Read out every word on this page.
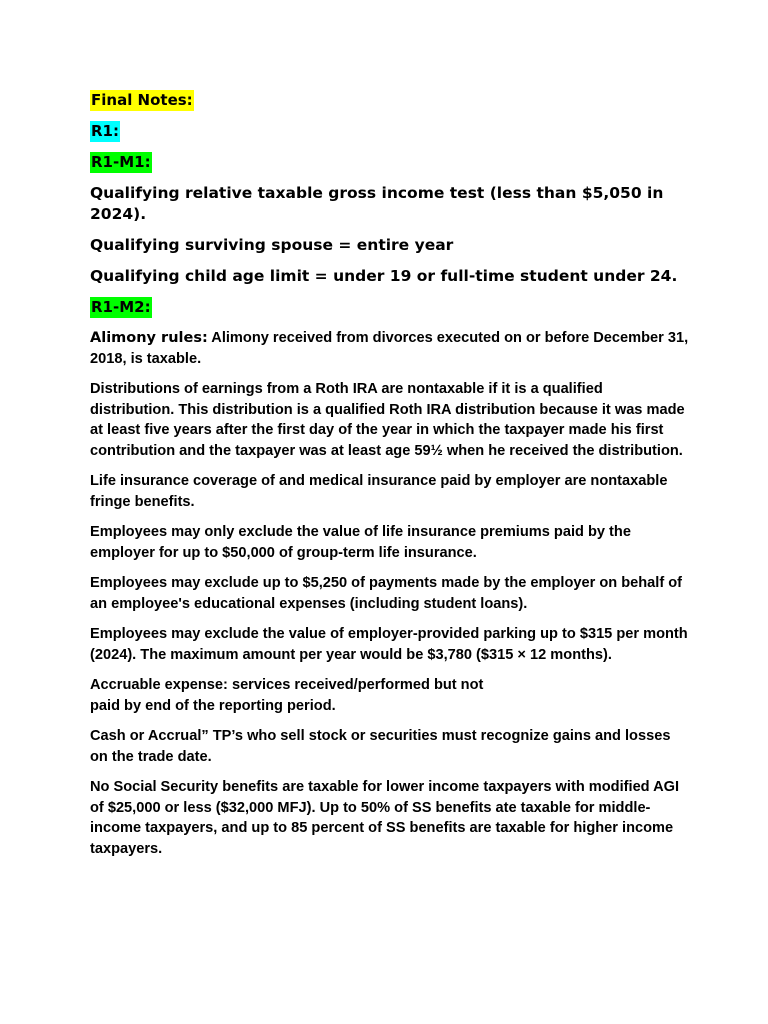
Final Notes:
R1:
R1-M1:

Qualifying relative taxable gross income test (less than $5,050 in 2024).

Qualifying surviving spouse = entire year

Qualifying child age limit = under 19 or full-time student under 24.

R1-M2:

Alimony rules: Alimony received from divorces executed on or before December 31, 2018, is taxable.

Distributions of earnings from a Roth IRA are nontaxable if it is a qualified distribution. This distribution is a qualified Roth IRA distribution because it was made at least five years after the first day of the year in which the taxpayer made his first contribution and the taxpayer was at least age 59½ when he received the distribution.

Life insurance coverage of and medical insurance paid by employer are nontaxable fringe benefits.

Employees may only exclude the value of life insurance premiums paid by the employer for up to $50,000 of group-term life insurance.

Employees may exclude up to $5,250 of payments made by the employer on behalf of an employee's educational expenses (including student loans).

Employees may exclude the value of employer-provided parking up to $315 per month (2024). The maximum amount per year would be $3,780 ($315 × 12 months).

Accruable expense: services received/performed but not
paid by end of the reporting period.

Cash or Accrual” TP’s who sell stock or securities must recognize gains and losses on the trade date.

No Social Security benefits are taxable for lower income taxpayers with modified AGI of $25,000 or less ($32,000 MFJ). Up to 50% of SS benefits ate taxable for middle-income taxpayers, and up to 85 percent of SS benefits are taxable for higher income taxpayers.
